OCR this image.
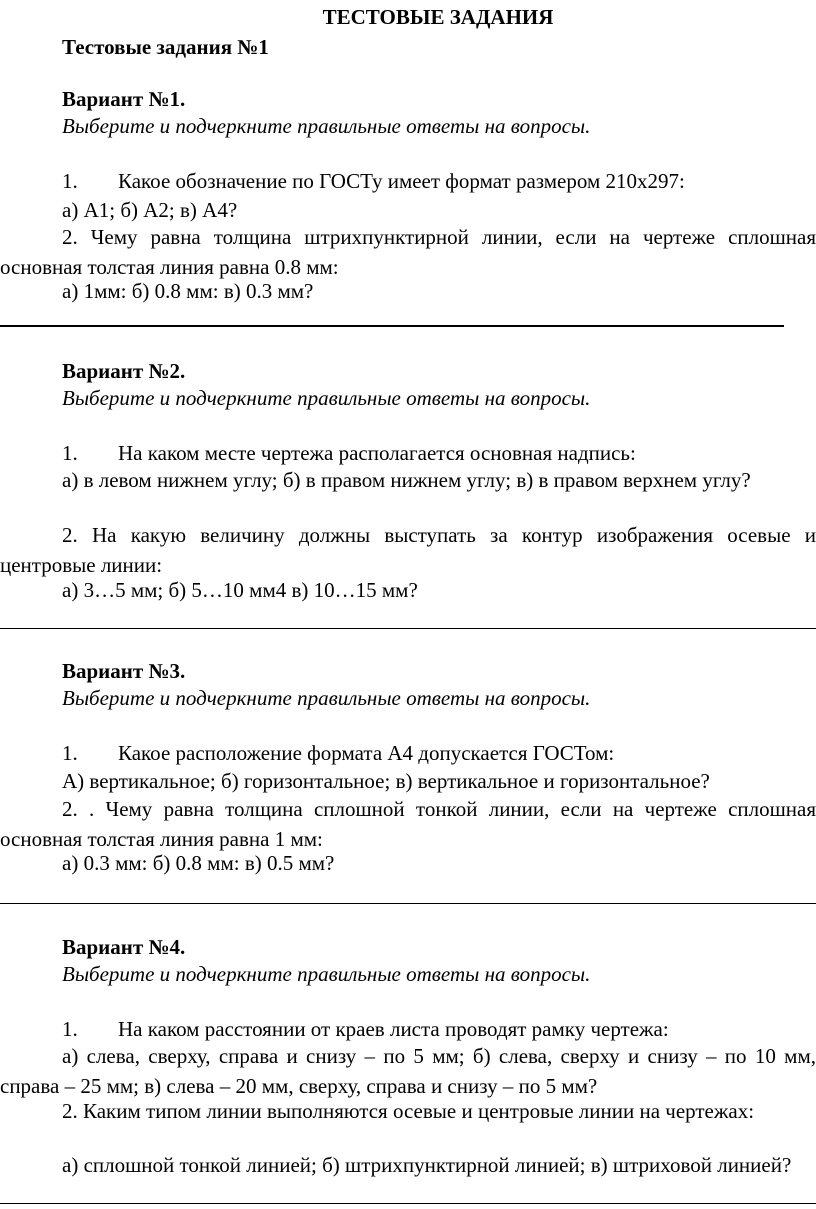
ТЕСТОВЫЕ ЗАДАНИЯ

Тестовые задания №1

Вариант №1.

Выберите и подчеркните правильные ответы на вопросы.

1. Какое обозначение по ГОСТу имеет формат размером 210х297:

а) А1; б) А2; в) А4?

2. Чему равна толщина штрихпунктирной линии, если на чертеже сплошная основная толстая линия равна 0.8 мм:

а) 1мм: б) 0.8 мм: в) 0.3 мм?

Вариант №2.

Выберите и подчеркните правильные ответы на вопросы.

1. На каком месте чертежа располагается основная надпись:

а) в левом нижнем углу; б) в правом нижнем углу; в) в правом верхнем углу?

2. На какую величину должны выступать за контур изображения осевые и центровые линии:

а) 3…5 мм; б) 5…10 мм4 в) 10…15 мм?

Вариант №3.

Выберите и подчеркните правильные ответы на вопросы.

1. Какое расположение формата А4 допускается ГОСТом:

А) вертикальное; б) горизонтальное; в) вертикальное и горизонтальное?

2. . Чему равна толщина сплошной тонкой линии, если на чертеже сплошная основная толстая линия равна 1 мм:

а) 0.3 мм: б) 0.8 мм: в) 0.5 мм?

Вариант №4.

Выберите и подчеркните правильные ответы на вопросы.

1. На каком расстоянии от краев листа проводят рамку чертежа:

а) слева, сверху, справа и снизу – по 5 мм; б) слева, сверху и снизу – по 10 мм, справа – 25 мм; в) слева – 20 мм, сверху, справа и снизу – по 5 мм?

2. Каким типом линии выполняются осевые и центровые линии на чертежах:

а) сплошной тонкой линией; б) штрихпунктирной линией; в) штриховой линией?
